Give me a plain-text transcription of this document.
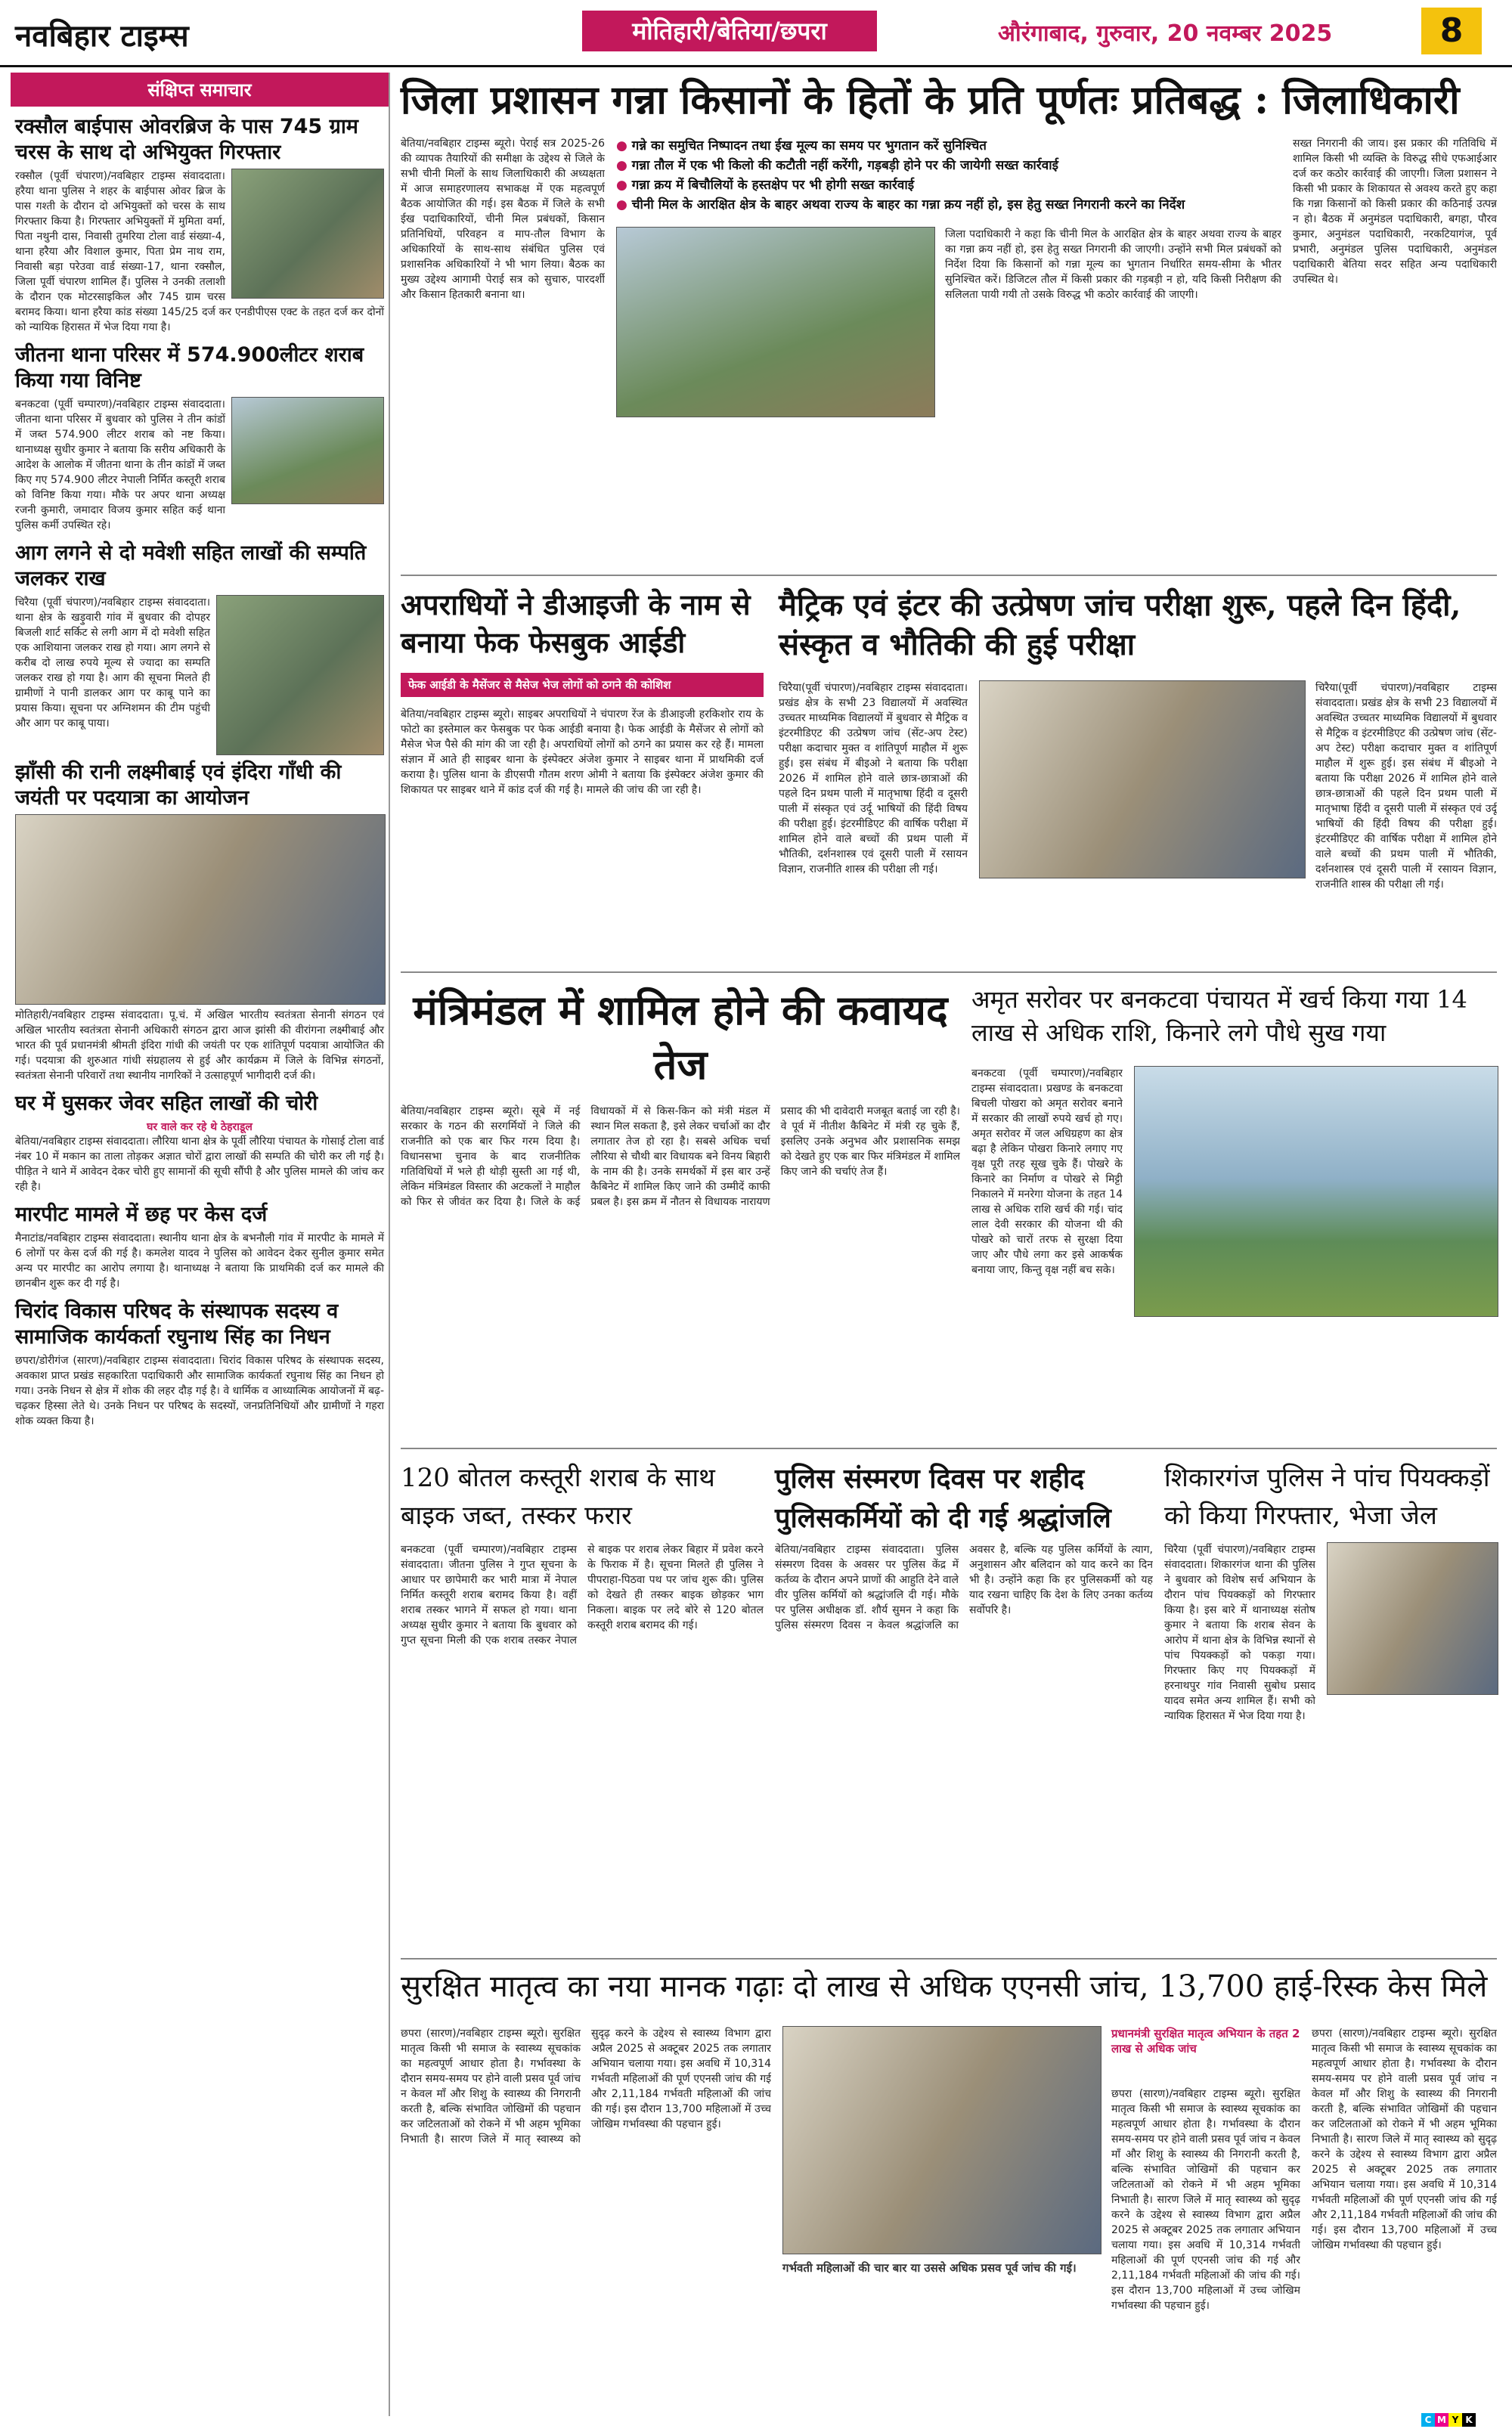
नवबिहार टाइम्स	मोतिहारी/बेतिया/छपरा	औरंगाबाद, गुरुवार, 20 नवम्बर 2025	8
संक्षिप्त समाचार
रक्सौल बाईपास ओवरब्रिज के पास 745 ग्राम चरस के साथ दो अभियुक्त गिरफ्तार
रक्सौल (पूर्वी चंपारण)/नवबिहार टाइम्स संवाददाता। हरैया थाना पुलिस ने शहर के बाईपास ओवर ब्रिज के पास गश्ती के दौरान दो अभियुक्तों को चरस के साथ गिरफ्तार किया है। गिरफ्तार अभियुक्तों में मुमिता वर्मा, पिता नथुनी दास, निवासी तुमरिया टोला वार्ड संख्या-4, थाना हरैया और विशाल कुमार, पिता प्रेम नाथ राम, निवासी बड़ा परेउवा वार्ड संख्या-17, थाना रक्सौल, जिला पूर्वी चंपारण शामिल हैं। पुलिस ने उनकी तलाशी के दौरान एक मोटरसाइकिल और 745 ग्राम चरस बरामद किया। थाना हरैया कांड संख्या 145/25 दर्ज कर एनडीपीएस एक्ट के तहत दर्ज कर दोनों को न्यायिक हिरासत में भेज दिया गया है।
जीतना थाना परिसर में 574.900लीटर शराब किया गया विनिष्ट
बनकटवा (पूर्वी चम्पारण)/नवबिहार टाइम्स संवाददाता। जीतना थाना परिसर में बुधवार को पुलिस ने तीन कांडों में जब्त 574.900 लीटर शराब को नष्ट किया। थानाध्यक्ष सुधीर कुमार ने बताया कि सरीय अधिकारी के आदेश के आलोक में जीतना थाना के तीन कांडों में जब्त किए गए 574.900 लीटर नेपाली निर्मित कस्तूरी शराब को विनिष्ट किया गया। मौके पर अपर थाना अध्यक्ष रजनी कुमारी, जमादार विजय कुमार सहित कई थाना पुलिस कर्मी उपस्थित रहे।
आग लगने से दो मवेशी सहित लाखों की सम्पति जलकर राख
चिरैया (पूर्वी चंपारण)/नवबिहार टाइम्स संवाददाता। थाना क्षेत्र के खड़ुवारी गांव में बुधवार की दोपहर बिजली शार्ट सर्किट से लगी आग में दो मवेशी सहित एक आशियाना जलकर राख हो गया। आग लगने से करीब दो लाख रुपये मूल्य से ज्यादा का सम्पति जलकर राख हो गया है। आग की सूचना मिलते ही ग्रामीणों ने पानी डालकर आग पर काबू पाने का प्रयास किया। सूचना पर अग्निशमन की टीम पहुंची और आग पर काबू पाया।
झाँसी की रानी लक्ष्मीबाई एवं इंदिरा गाँधी की जयंती पर पदयात्रा का आयोजन
मोतिहारी/नवबिहार टाइम्स संवाददाता। पू.चं. में अखिल भारतीय स्वतंत्रता सेनानी संगठन एवं अखिल भारतीय स्वतंत्रता सेनानी अधिकारी संगठन द्वारा आज झांसी की वीरांगना लक्ष्मीबाई और भारत की पूर्व प्रधानमंत्री श्रीमती इंदिरा गांधी की जयंती पर एक शांतिपूर्ण पदयात्रा आयोजित की गई। पदयात्रा की शुरुआत गांधी संग्रहालय से हुई और कार्यक्रम में जिले के विभिन्न संगठनों, स्वतंत्रता सेनानी परिवारों तथा स्थानीय नागरिकों ने उत्साहपूर्ण भागीदारी दर्ज की।
घर में घुसकर जेवर सहित लाखों की चोरी
घर वाले कर रहे थे ठेहराडूल
बेतिया/नवबिहार टाइम्स संवाददाता। लौरिया थाना क्षेत्र के पूर्वी लौरिया पंचायत के गोसाई टोला वार्ड नंबर 10 में मकान का ताला तोड़कर अज्ञात चोरों द्वारा लाखों की सम्पति की चोरी कर ली गई है। पीड़ित ने थाने में आवेदन देकर चोरी हुए सामानों की सूची सौंपी है और पुलिस मामले की जांच कर रही है।
मारपीट मामले में छह पर केस दर्ज
मैनाटांड/नवबिहार टाइम्स संवाददाता। स्थानीय थाना क्षेत्र के बभनौली गांव में मारपीट के मामले में 6 लोगों पर केस दर्ज की गई है। कमलेश यादव ने पुलिस को आवेदन देकर सुनील कुमार समेत अन्य पर मारपीट का आरोप लगाया है। थानाध्यक्ष ने बताया कि प्राथमिकी दर्ज कर मामले की छानबीन शुरू कर दी गई है।
चिरांद विकास परिषद के संस्थापक सदस्य व सामाजिक कार्यकर्ता रघुनाथ सिंह का निधन
छपरा/डोरीगंज (सारण)/नवबिहार टाइम्स संवाददाता। चिरांद विकास परिषद के संस्थापक सदस्य, अवकाश प्राप्त प्रखंड सहकारिता पदाधिकारी और सामाजिक कार्यकर्ता रघुनाथ सिंह का निधन हो गया। उनके निधन से क्षेत्र में शोक की लहर दौड़ गई है। वे धार्मिक व आध्यात्मिक आयोजनों में बढ़-चढ़कर हिस्सा लेते थे। उनके निधन पर परिषद के सदस्यों, जनप्रतिनिधियों और ग्रामीणों ने गहरा शोक व्यक्त किया है।
जिला प्रशासन गन्ना किसानों के हितों के प्रति पूर्णतः प्रतिबद्ध : जिलाधिकारी
बेतिया/नवबिहार टाइम्स ब्यूरो। पेराई सत्र 2025-26 की व्यापक तैयारियों की समीक्षा के उद्देश्य से जिले के सभी चीनी मिलों के साथ जिलाधिकारी की अध्यक्षता में आज समाहरणालय सभाकक्ष में एक महत्वपूर्ण बैठक आयोजित की गई। इस बैठक में जिले के सभी ईख पदाधिकारियों, चीनी मिल प्रबंधकों, किसान प्रतिनिधियों, परिवहन व माप-तौल विभाग के अधिकारियों के साथ-साथ संबंधित पुलिस एवं प्रशासनिक अधिकारियों ने भी भाग लिया। बैठक का मुख्य उद्देश्य आगामी पेराई सत्र को सुचारु, पारदर्शी और किसान हितकारी बनाना था।
● गन्ने का समुचित निष्पादन तथा ईख मूल्य का समय पर भुगतान करें सुनिश्चित
● गन्ना तौल में एक भी किलो की कटौती नहीं करेंगी, गड़बड़ी होने पर की जायेगी सख्त कार्रवाई
● गन्ना क्रय में बिचौलियों के हस्तक्षेप पर भी होगी सख्त कार्रवाई
● चीनी मिल के आरक्षित क्षेत्र के बाहर अथवा राज्य के बाहर का गन्ना क्रय नहीं हो, इस हेतु सख्त निगरानी करने का निर्देश
जिला पदाधिकारी ने कहा कि चीनी मिल के आरक्षित क्षेत्र के बाहर अथवा राज्य के बाहर का गन्ना क्रय नहीं हो, इस हेतु सख्त निगरानी की जाएगी। उन्होंने सभी मिल प्रबंधकों को निर्देश दिया कि किसानों को गन्ना मूल्य का भुगतान निर्धारित समय-सीमा के भीतर सुनिश्चित करें। डिजिटल तौल में किसी प्रकार की गड़बड़ी न हो, यदि किसी निरीक्षण की सलिलता पायी गयी तो उसके विरुद्ध भी कठोर कार्रवाई की जाएगी।
सख्त निगरानी की जाय। इस प्रकार की गतिविधि में शामिल किसी भी व्यक्ति के विरुद्ध सीधे एफआईआर दर्ज कर कठोर कार्रवाई की जाएगी। जिला प्रशासन ने किसी भी प्रकार के शिकायत से अवश्य करते हुए कहा कि गन्ना किसानों को किसी प्रकार की कठिनाई उत्पन्न न हो। बैठक में अनुमंडल पदाधिकारी, बगहा, पौरव कुमार, अनुमंडल पदाधिकारी, नरकटियागंज, पूर्व प्रभारी, अनुमंडल पुलिस पदाधिकारी, अनुमंडल पदाधिकारी बेतिया सदर सहित अन्य पदाधिकारी उपस्थित थे।
अपराधियों ने डीआइजी के नाम से बनाया फेक फेसबुक आईडी
फेक आईडी के मैसेंजर से मैसेज भेज लोगों को ठगने की कोशिश
बेतिया/नवबिहार टाइम्स ब्यूरो। साइबर अपराधियों ने चंपारण रेंज के डीआइजी हरकिशोर राय के फोटो का इस्तेमाल कर फेसबुक पर फेक आईडी बनाया है। फेक आईडी के मैसेंजर से लोगों को मैसेज भेज पैसे की मांग की जा रही है। अपराधियों लोगों को ठगने का प्रयास कर रहे हैं। मामला संज्ञान में आते ही साइबर थाना के इंस्पेक्टर अंजेश कुमार ने साइबर थाना में प्राथमिकी दर्ज कराया है। पुलिस थाना के डीएसपी गौतम शरण ओमी ने बताया कि इंस्पेक्टर अंजेश कुमार की शिकायत पर साइबर थाने में कांड दर्ज की गई है। मामले की जांच की जा रही है।
मैट्रिक एवं इंटर की उत्प्रेषण जांच परीक्षा शुरू, पहले दिन हिंदी, संस्कृत व भौतिकी की हुई परीक्षा
चिरैया(पूर्वी चंपारण)/नवबिहार टाइम्स संवाददाता। प्रखंड क्षेत्र के सभी 23 विद्यालयों में अवस्थित उच्चतर माध्यमिक विद्यालयों में बुधवार से मैट्रिक व इंटरमीडिएट की उत्प्रेषण जांच (सेंट-अप टेस्ट) परीक्षा कदाचार मुक्त व शांतिपूर्ण माहौल में शुरू हुई। इस संबंध में बीइओ ने बताया कि परीक्षा 2026 में शामिल होने वाले छात्र-छात्राओं की पहले दिन प्रथम पाली में मातृभाषा हिंदी व दूसरी पाली में संस्कृत एवं उर्दू भाषियों की हिंदी विषय की परीक्षा हुई। इंटरमीडिएट की वार्षिक परीक्षा में शामिल होने वाले बच्चों की प्रथम पाली में भौतिकी, दर्शनशास्त्र एवं दूसरी पाली में रसायन विज्ञान, राजनीति शास्त्र की परीक्षा ली गई।
चिरैया(पूर्वी चंपारण)/नवबिहार टाइम्स संवाददाता। प्रखंड क्षेत्र के सभी 23 विद्यालयों में अवस्थित उच्चतर माध्यमिक विद्यालयों में बुधवार से मैट्रिक व इंटरमीडिएट की उत्प्रेषण जांच (सेंट-अप टेस्ट) परीक्षा कदाचार मुक्त व शांतिपूर्ण माहौल में शुरू हुई। इस संबंध में बीइओ ने बताया कि परीक्षा 2026 में शामिल होने वाले छात्र-छात्राओं की पहले दिन प्रथम पाली में मातृभाषा हिंदी व दूसरी पाली में संस्कृत एवं उर्दू भाषियों की हिंदी विषय की परीक्षा हुई। इंटरमीडिएट की वार्षिक परीक्षा में शामिल होने वाले बच्चों की प्रथम पाली में भौतिकी, दर्शनशास्त्र एवं दूसरी पाली में रसायन विज्ञान, राजनीति शास्त्र की परीक्षा ली गई।
मंत्रिमंडल में शामिल होने की कवायद तेज
बेतिया/नवबिहार टाइम्स ब्यूरो। सूबे में नई सरकार के गठन की सरगर्मियों ने जिले की राजनीति को एक बार फिर गरम दिया है। विधानसभा चुनाव के बाद राजनीतिक गतिविधियों में भले ही थोड़ी सुस्ती आ गई थी, लेकिन मंत्रिमंडल विस्तार की अटकलों ने माहौल को फिर से जीवंत कर दिया है। जिले के कई विधायकों में से किस-किन को मंत्री मंडल में स्थान मिल सकता है, इसे लेकर चर्चाओं का दौर लगातार तेज हो रहा है। सबसे अधिक चर्चा लौरिया से चौथी बार विधायक बने विनय बिहारी के नाम की है। उनके समर्थकों में इस बार उन्हें कैबिनेट में शामिल किए जाने की उम्मीदें काफी प्रबल है। इस क्रम में नौतन से विधायक नारायण प्रसाद की भी दावेदारी मजबूत बताई जा रही है। वे पूर्व में नीतीश कैबिनेट में मंत्री रह चुके हैं, इसलिए उनके अनुभव और प्रशासनिक समझ को देखते हुए एक बार फिर मंत्रिमंडल में शामिल किए जाने की चर्चाएं तेज हैं।
अमृत सरोवर पर बनकटवा पंचायत में खर्च किया गया 14 लाख से अधिक राशि, किनारे लगे पौधे सुख गया
बनकटवा (पूर्वी चम्पारण)/नवबिहार टाइम्स संवाददाता। प्रखण्ड के बनकटवा बिचली पोखरा को अमृत सरोवर बनाने में सरकार की लाखों रुपये खर्च हो गए। अमृत सरोवर में जल अधिग्रहण का क्षेत्र बढ़ा है लेकिन पोखरा किनारे लगाए गए वृक्ष पूरी तरह सूख चुके हैं। पोखरे के किनारे का निर्माण व पोखरे से मिट्टी निकालने में मनरेगा योजना के तहत 14 लाख से अधिक राशि खर्च की गई। चांद लाल देवी सरकार की योजना थी की पोखरे को चारों तरफ से सुरक्षा दिया जाए और पौधे लगा कर इसे आकर्षक बनाया जाए, किन्तु वृक्ष नहीं बच सके।
120 बोतल कस्तूरी शराब के साथ बाइक जब्त, तस्कर फरार
बनकटवा (पूर्वी चम्पारण)/नवबिहार टाइम्स संवाददाता। जीतना पुलिस ने गुप्त सूचना के आधार पर छापेमारी कर भारी मात्रा में नेपाल निर्मित कस्तूरी शराब बरामद किया है। वहीं शराब तस्कर भागने में सफल हो गया। थाना अध्यक्ष सुधीर कुमार ने बताया कि बुधवार को गुप्त सूचना मिली की एक शराब तस्कर नेपाल से बाइक पर शराब लेकर बिहार में प्रवेश करने के फिराक में है। सूचना मिलते ही पुलिस ने पीपराहा-पिठवा पथ पर जांच शुरू की। पुलिस को देखते ही तस्कर बाइक छोड़कर भाग निकला। बाइक पर लदे बोरे से 120 बोतल कस्तूरी शराब बरामद की गई।
पुलिस संस्मरण दिवस पर शहीद पुलिसकर्मियों को दी गई श्रद्धांजलि
बेतिया/नवबिहार टाइम्स संवाददाता। पुलिस संस्मरण दिवस के अवसर पर पुलिस केंद्र में कर्तव्य के दौरान अपने प्राणों की आहुति देने वाले वीर पुलिस कर्मियों को श्रद्धांजलि दी गई। मौके पर पुलिस अधीक्षक डॉ. शौर्य सुमन ने कहा कि पुलिस संस्मरण दिवस न केवल श्रद्धांजलि का अवसर है, बल्कि यह पुलिस कर्मियों के त्याग, अनुशासन और बलिदान को याद करने का दिन भी है। उन्होंने कहा कि हर पुलिसकर्मी को यह याद रखना चाहिए कि देश के लिए उनका कर्तव्य सर्वोपरि है।
शिकारगंज पुलिस ने पांच पियक्कड़ों को किया गिरफ्तार, भेजा जेल
चिरैया (पूर्वी चंपारण)/नवबिहार टाइम्स संवाददाता। शिकारगंज थाना की पुलिस ने बुधवार को विशेष सर्च अभियान के दौरान पांच पियक्कड़ों को गिरफ्तार किया है। इस बारे में थानाध्यक्ष संतोष कुमार ने बताया कि शराब सेवन के आरोप में थाना क्षेत्र के विभिन्न स्थानों से पांच पियक्कड़ों को पकड़ा गया। गिरफ्तार किए गए पियक्कड़ों में हरनाथपुर गांव निवासी सुबोध प्रसाद यादव समेत अन्य शामिल हैं। सभी को न्यायिक हिरासत में भेज दिया गया है।
सुरक्षित मातृत्व का नया मानक गढ़ाः दो लाख से अधिक एएनसी जांच, 13,700 हाई-रिस्क केस मिले
छपरा (सारण)/नवबिहार टाइम्स ब्यूरो। सुरक्षित मातृत्व किसी भी समाज के स्वास्थ्य सूचकांक का महत्वपूर्ण आधार होता है। गर्भावस्था के दौरान समय-समय पर होने वाली प्रसव पूर्व जांच न केवल माँ और शिशु के स्वास्थ्य की निगरानी करती है, बल्कि संभावित जोखिमों की पहचान कर जटिलताओं को रोकने में भी अहम भूमिका निभाती है। सारण जिले में मातृ स्वास्थ्य को सुदृढ़ करने के उद्देश्य से स्वास्थ्य विभाग द्वारा अप्रैल 2025 से अक्टूबर 2025 तक लगातार अभियान चलाया गया। इस अवधि में 10,314 गर्भवती महिलाओं की पूर्ण एएनसी जांच की गई और 2,11,184 गर्भवती महिलाओं की जांच की गई। इस दौरान 13,700 महिलाओं में उच्च जोखिम गर्भावस्था की पहचान हुई।
गर्भवती महिलाओं की चार बार या उससे अधिक प्रसव पूर्व जांच की गई।
प्रधानमंत्री सुरक्षित मातृत्व अभियान के तहत 2 लाख से अधिक जांच
छपरा (सारण)/नवबिहार टाइम्स ब्यूरो। सुरक्षित मातृत्व किसी भी समाज के स्वास्थ्य सूचकांक का महत्वपूर्ण आधार होता है। गर्भावस्था के दौरान समय-समय पर होने वाली प्रसव पूर्व जांच न केवल माँ और शिशु के स्वास्थ्य की निगरानी करती है, बल्कि संभावित जोखिमों की पहचान कर जटिलताओं को रोकने में भी अहम भूमिका निभाती है। सारण जिले में मातृ स्वास्थ्य को सुदृढ़ करने के उद्देश्य से स्वास्थ्य विभाग द्वारा अप्रैल 2025 से अक्टूबर 2025 तक लगातार अभियान चलाया गया। इस अवधि में 10,314 गर्भवती महिलाओं की पूर्ण एएनसी जांच की गई और 2,11,184 गर्भवती महिलाओं की जांच की गई। इस दौरान 13,700 महिलाओं में उच्च जोखिम गर्भावस्था की पहचान हुई।
छपरा (सारण)/नवबिहार टाइम्स ब्यूरो। सुरक्षित मातृत्व किसी भी समाज के स्वास्थ्य सूचकांक का महत्वपूर्ण आधार होता है। गर्भावस्था के दौरान समय-समय पर होने वाली प्रसव पूर्व जांच न केवल माँ और शिशु के स्वास्थ्य की निगरानी करती है, बल्कि संभावित जोखिमों की पहचान कर जटिलताओं को रोकने में भी अहम भूमिका निभाती है। सारण जिले में मातृ स्वास्थ्य को सुदृढ़ करने के उद्देश्य से स्वास्थ्य विभाग द्वारा अप्रैल 2025 से अक्टूबर 2025 तक लगातार अभियान चलाया गया। इस अवधि में 10,314 गर्भवती महिलाओं की पूर्ण एएनसी जांच की गई और 2,11,184 गर्भवती महिलाओं की जांच की गई। इस दौरान 13,700 महिलाओं में उच्च जोखिम गर्भावस्था की पहचान हुई।
C M Y K
